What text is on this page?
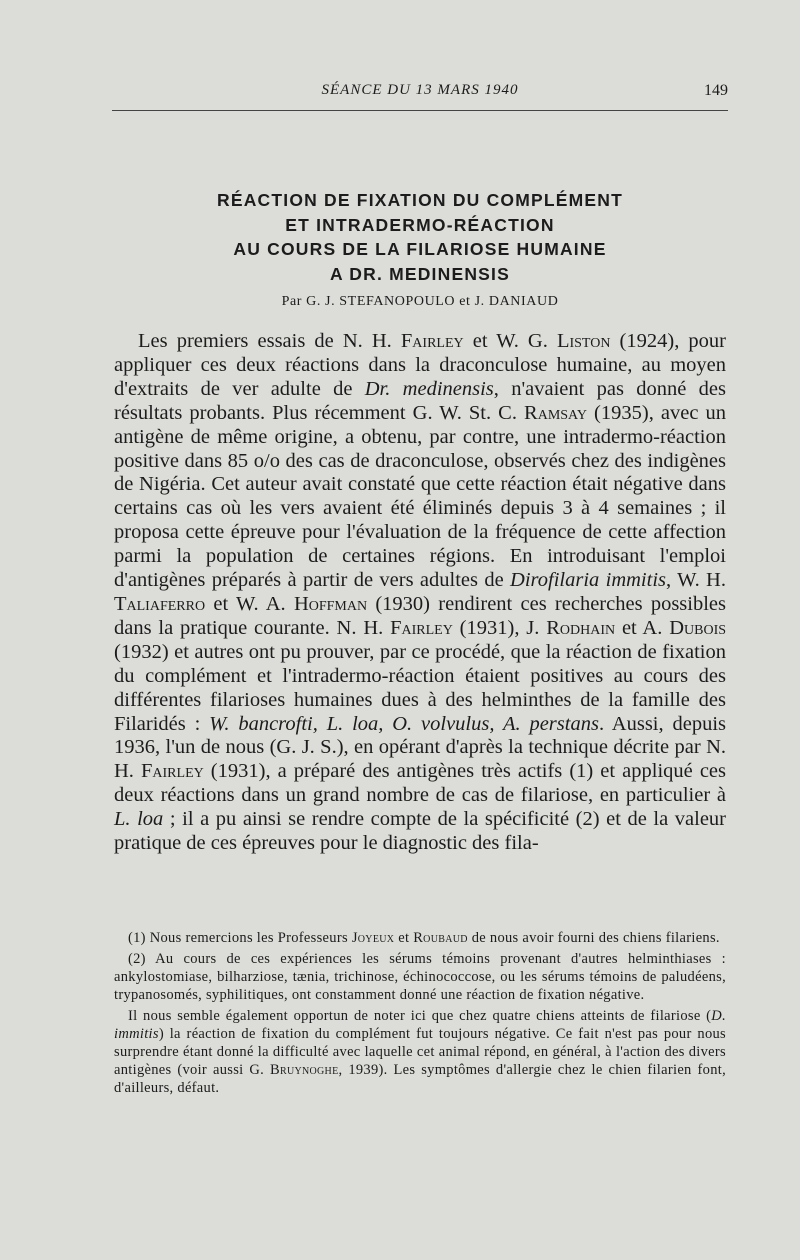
SÉANCE DU 13 MARS 1940	149

RÉACTION DE FIXATION DU COMPLÉMENT

ET INTRADERMO-RÉACTION

AU COURS DE LA FILARIOSE HUMAINE

A DR. MEDINENSIS

Par G. J. STEFANOPOULO et J. DANIAUD

Les premiers essais de N. H. Fairley et W. G. Liston (1924), pour appliquer ces deux réactions dans la draconculose humaine, au moyen d'extraits de ver adulte de Dr. medinensis, n'avaient pas donné des résultats probants. Plus récemment G. W. St. C. Ramsay (1935), avec un antigène de même origine, a obtenu, par contre, une intradermo-réaction positive dans 85 o/o des cas de draconculose, observés chez des indigènes de Nigéria. Cet auteur avait constaté que cette réaction était négative dans certains cas où les vers avaient été éliminés depuis 3 à 4 semaines ; il proposa cette épreuve pour l'évaluation de la fréquence de cette affection parmi la population de certaines régions. En introduisant l'emploi d'antigènes préparés à partir de vers adultes de Dirofilaria immitis, W. H. Taliaferro et W. A. Hoffman (1930) rendirent ces recherches possibles dans la pratique courante. N. H. Fairley (1931), J. Rodhain et A. Dubois (1932) et autres ont pu prouver, par ce procédé, que la réaction de fixation du complément et l'intradermo-réaction étaient positives au cours des différentes filarioses humaines dues à des helminthes de la famille des Filaridés : W. bancrofti, L. loa, O. volvulus, A. perstans. Aussi, depuis 1936, l'un de nous (G. J. S.), en opérant d'après la technique décrite par N. H. Fairley (1931), a préparé des antigènes très actifs (1) et appliqué ces deux réactions dans un grand nombre de cas de filariose, en particulier à L. loa ; il a pu ainsi se rendre compte de la spécificité (2) et de la valeur pratique de ces épreuves pour le diagnostic des fila-

(1) Nous remercions les Professeurs Joyeux et Roubaud de nous avoir fourni des chiens filariens.

(2) Au cours de ces expériences les sérums témoins provenant d'autres helminthiases : ankylostomiase, bilharziose, tænia, trichinose, échinococcose, ou les sérums témoins de paludéens, trypanosomés, syphilitiques, ont constamment donné une réaction de fixation négative.

Il nous semble également opportun de noter ici que chez quatre chiens atteints de filariose (D. immitis) la réaction de fixation du complément fut toujours négative. Ce fait n'est pas pour nous surprendre étant donné la difficulté avec laquelle cet animal répond, en général, à l'action des divers antigènes (voir aussi G. Bruynoghe, 1939). Les symptômes d'allergie chez le chien filarien font, d'ailleurs, défaut.
